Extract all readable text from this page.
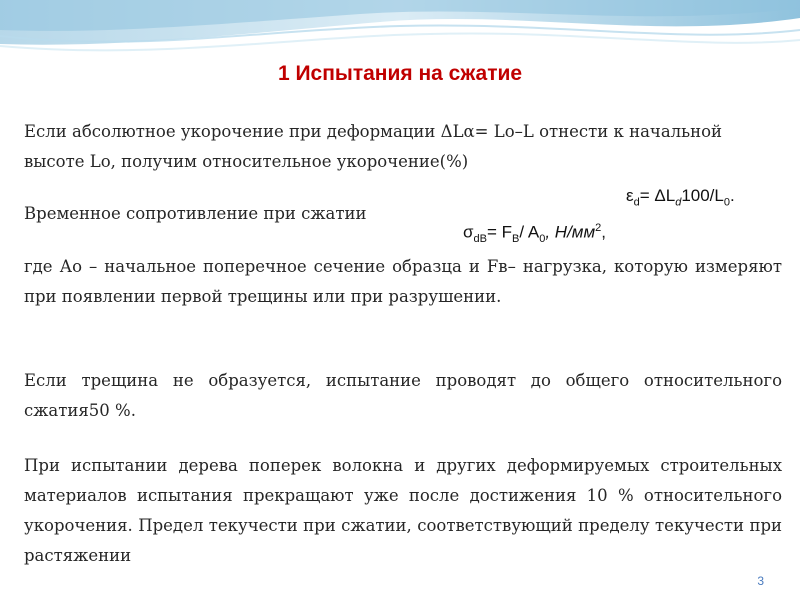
1 Испытания на сжатие
Если абсолютное укорочение при деформации ΔLα= Lо–L отнести к начальной высоте Lо, получим относительное укорочение(%)
$\varepsilon_d= \Delta L_d100/L_0$.
Временное сопротивление при сжатии
$\sigma_{dB}= F_B/$ $A_0$, $Н/мм^2$,
где Ао – начальное поперечное сечение образца и Fв– нагрузка, которую измеряют при появлении первой трещины или при разрушении.
Если трещина не образуется, испытание проводят до общего относительного сжатия50 %.
При испытании дерева поперек волокна и других деформируемых строительных материалов испытания прекращают уже после достижения 10 % относительного укорочения. Предел текучести при сжатии, соответствующий пределу текучести при растяжении
3
